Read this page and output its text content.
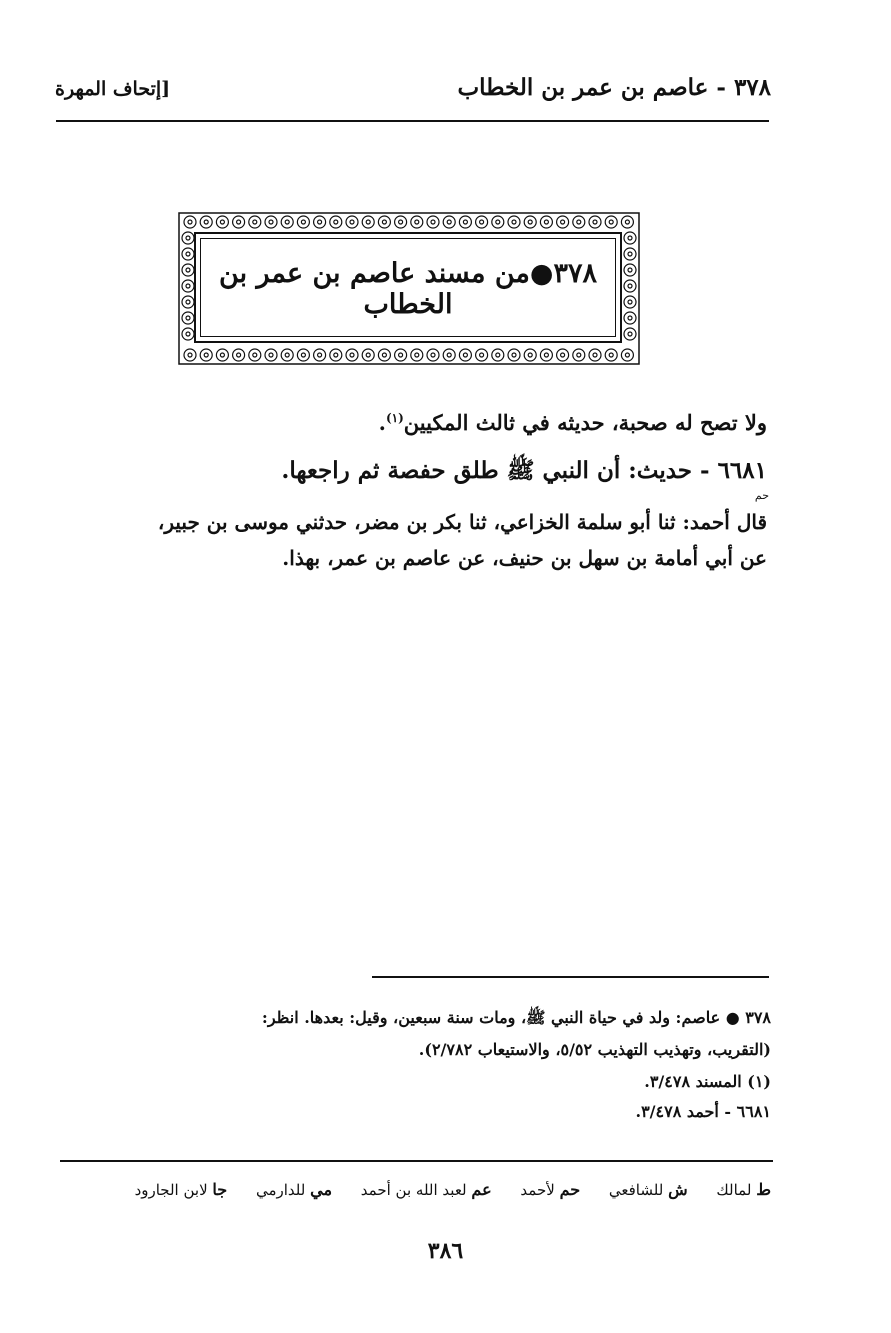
٣٧٨ - عاصم بن عمر بن الخطاب
[إتحاف المهرة
٣٧٨●من مسند عاصم بن عمر بن الخطاب
ولا تصح له صحبة، حديثه في ثالث المكيين$^{(١)}$.
٦٦٨١ - حديث: أن النبي ﷺ طلق حفصة ثم راجعها.
حم
قال أحمد: ثنا أبو سلمة الخزاعي، ثنا بكر بن مضر، حدثني موسى بن جبير،
عن أبي أمامة بن سهل بن حنيف، عن عاصم بن عمر، بهذا.
٣٧٨ ● عاصم: ولد في حياة النبي ﷺ، ومات سنة سبعين، وقيل: بعدها. انظر:
(التقريب، وتهذيب التهذيب ٥/٥٢، والاستيعاب ٢/٧٨٢).
(١) المسند ٣/٤٧٨.
٦٦٨١ - أحمد ٣/٤٧٨.
ط لمالك ش للشافعي حم لأحمد عم لعبد الله بن أحمد مي للدارمي جا لابن الجارود
٣٨٦
